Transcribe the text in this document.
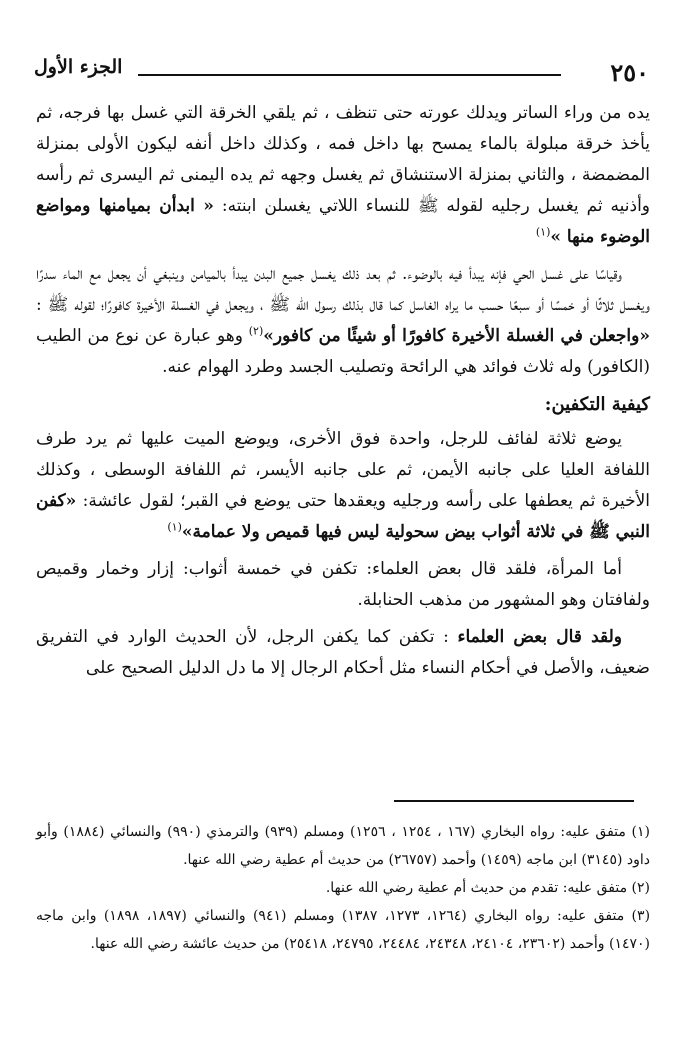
٢٥٠
الجزء الأول

يده من وراء الساتر ويدلك عورته حتى تنظف ، ثم يلقي الخرقة التي غسل بها فرجه، ثم يأخذ خرقة مبلولة بالماء يمسح بها داخل فمه ، وكذلك داخل أنفه ليكون الأولى بمنزلة المضمضة ، والثاني بمنزلة الاستنشاق ثم يغسل وجهه ثم يده اليمنى ثم اليسرى ثم رأسه وأذنيه ثم يغسل رجليه لقوله ﷺ للنساء اللاتي يغسلن ابنته: « ابدأن بميامنها ومواضع الوضوء منها »$^{(١)}$

وقياسًا على غسل الحي فإنه يبدأ فيه بالوضوء. ثم بعد ذلك يغسل جميع البدن يبدأ بالميامن وينبغي أن يجعل مع الماء سدرًا ويغسل ثلاثًا أو خمسًا أو سبعًا حسب ما يراه الغاسل كما قال بذلك رسول الله ﷺ ، ويجعل في الغسلة الأخيرة كافورًا؛ لقوله ﷺ : «واجعلن في الغسلة الأخيرة كافورًا أو شيئًا من كافور»$^{(٢)}$ وهو عبارة عن نوع من الطيب (الكافور) وله ثلاث فوائد هي الرائحة وتصليب الجسد وطرد الهوام عنه.

كيفية التكفين:

يوضع ثلاثة لفائف للرجل، واحدة فوق الأخرى، ويوضع الميت عليها ثم يرد طرف اللفافة العليا على جانبه الأيمن، ثم على جانبه الأيسر، ثم اللفافة الوسطى ، وكذلك الأخيرة ثم يعطفها على رأسه ورجليه ويعقدها حتى يوضع في القبر؛ لقول عائشة: «كفن النبي ﷺ في ثلاثة أثواب بيض سحولية ليس فيها قميص ولا عمامة»$^{(١)}$

أما المرأة، فلقد قال بعض العلماء: تكفن في خمسة أثواب: إزار وخمار وقميص ولفافتان وهو المشهور من مذهب الحنابلة.

ولقد قال بعض العلماء : تكفن كما يكفن الرجل، لأن الحديث الوارد في التفريق ضعيف، والأصل في أحكام النساء مثل أحكام الرجال إلا ما دل الدليل الصحيح على

(١) متفق عليه: رواه البخاري (١٦٧ ، ١٢٥٤ ، ١٢٥٦) ومسلم (٩٣٩) والترمذي (٩٩٠) والنسائي (١٨٨٤) وأبو داود (٣١٤٥) ابن ماجه (١٤٥٩) وأحمد (٢٦٧٥٧) من حديث أم عطية رضي الله عنها.

(٢) متفق عليه: تقدم من حديث أم عطية رضي الله عنها.

(٣) متفق عليه: رواه البخاري (١٢٦٤، ١٢٧٣، ١٣٨٧) ومسلم (٩٤١) والنسائي (١٨٩٧، ١٨٩٨) وابن ماجه (١٤٧٠) وأحمد (٢٣٦٠٢، ٢٤١٠٤، ٢٤٣٤٨، ٢٤٤٨٤، ٢٤٧٩٥، ٢٥٤١٨) من حديث عائشة رضي الله عنها.
